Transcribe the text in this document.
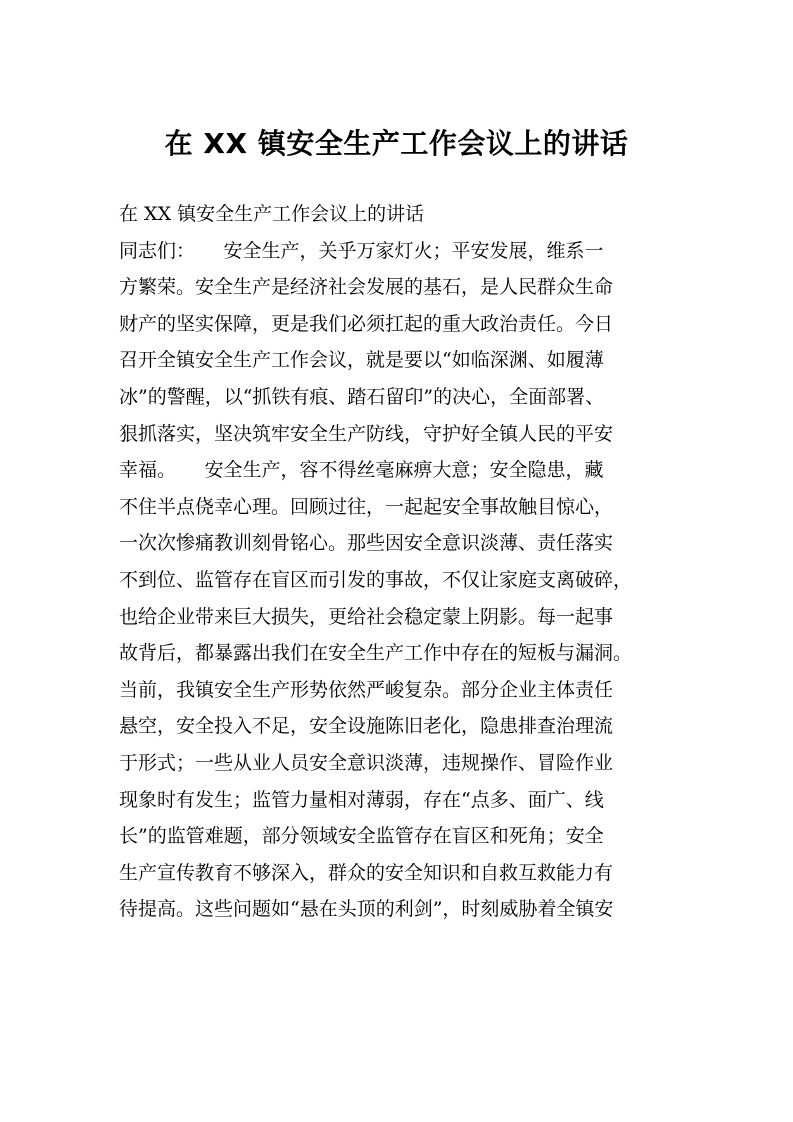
在 XX 镇安全生产工作会议上的讲话
在 XX 镇安全生产工作会议上的讲话
同志们：　　安全生产，关乎万家灯火；平安发展，维系一
方繁荣。安全生产是经济社会发展的基石，是人民群众生命
财产的坚实保障，更是我们必须扛起的重大政治责任。今日
召开全镇安全生产工作会议，就是要以“如临深渊、如履薄
冰”的警醒，以“抓铁有痕、踏石留印”的决心，全面部署、
狠抓落实，坚决筑牢安全生产防线，守护好全镇人民的平安
幸福。　　安全生产，容不得丝毫麻痹大意；安全隐患，藏
不住半点侥幸心理。回顾过往，一起起安全事故触目惊心，
一次次惨痛教训刻骨铭心。那些因安全意识淡薄、责任落实
不到位、监管存在盲区而引发的事故，不仅让家庭支离破碎，
也给企业带来巨大损失，更给社会稳定蒙上阴影。每一起事
故背后，都暴露出我们在安全生产工作中存在的短板与漏洞。
当前，我镇安全生产形势依然严峻复杂。部分企业主体责任
悬空，安全投入不足，安全设施陈旧老化，隐患排查治理流
于形式；一些从业人员安全意识淡薄，违规操作、冒险作业
现象时有发生；监管力量相对薄弱，存在“点多、面广、线
长”的监管难题，部分领域安全监管存在盲区和死角；安全
生产宣传教育不够深入，群众的安全知识和自救互救能力有
待提高。这些问题如“悬在头顶的利剑”，时刻威胁着全镇安
